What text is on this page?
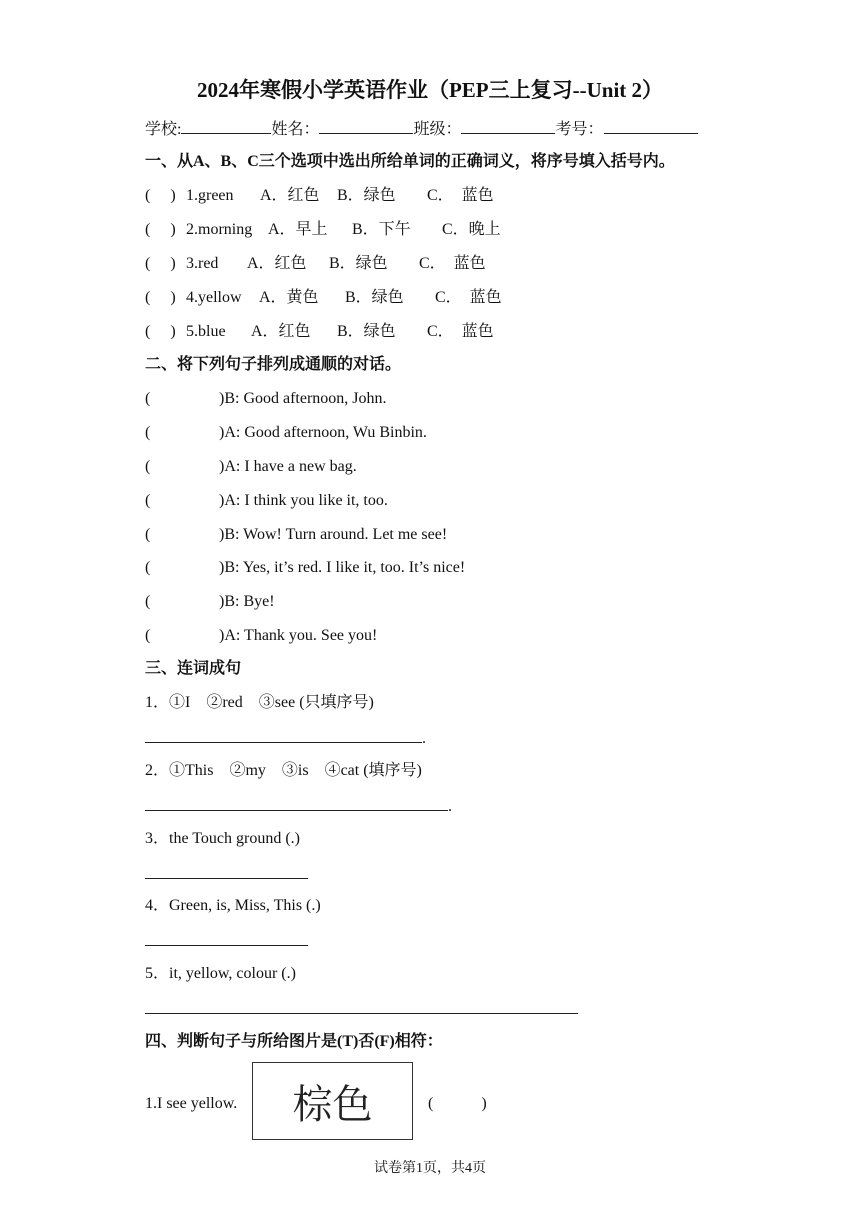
2024年寒假小学英语作业（PEP三上复习--Unit 2）
学校:	姓名：	班级：	考号：
一、从A、B、C三个选项中选出所给单词的正确词义，将序号填入括号内。
(　 ) 1.green A．红色 B．绿色 C．　蓝色
(　 ) 2.morning A．早上 B．下午 C．晚上
(　 ) 3.red A．红色 B．绿色 C．　蓝色
(　 ) 4.yellow A．黄色 B．绿色 C．　蓝色
(　 ) 5.blue A．红色 B．绿色 C．　蓝色
二、将下列句子排列成通顺的对话。
(	)B: Good afternoon, John.
(	)A: Good afternoon, Wu Binbin.
(	)A: I have a new bag.
(	)A: I think you like it, too.
(	)B: Wow! Turn around. Let me see!
(	)B: Yes, it’s red. I like it, too. It’s nice!
(	)B: Bye!
(	)A: Thank you. See you!
三、连词成句
1．①I　②red　③see (只填序号)
.
2．①This　②my　③is　④cat (填序号)
.
3．the Touch ground (.)
4．Green, is, Miss, This (.)
5．it, yellow, colour (.)
四、判断句子与所给图片是(T)否(F)相符：
1.I see yellow. 棕色	(　　　)
试卷第1页，共4页
